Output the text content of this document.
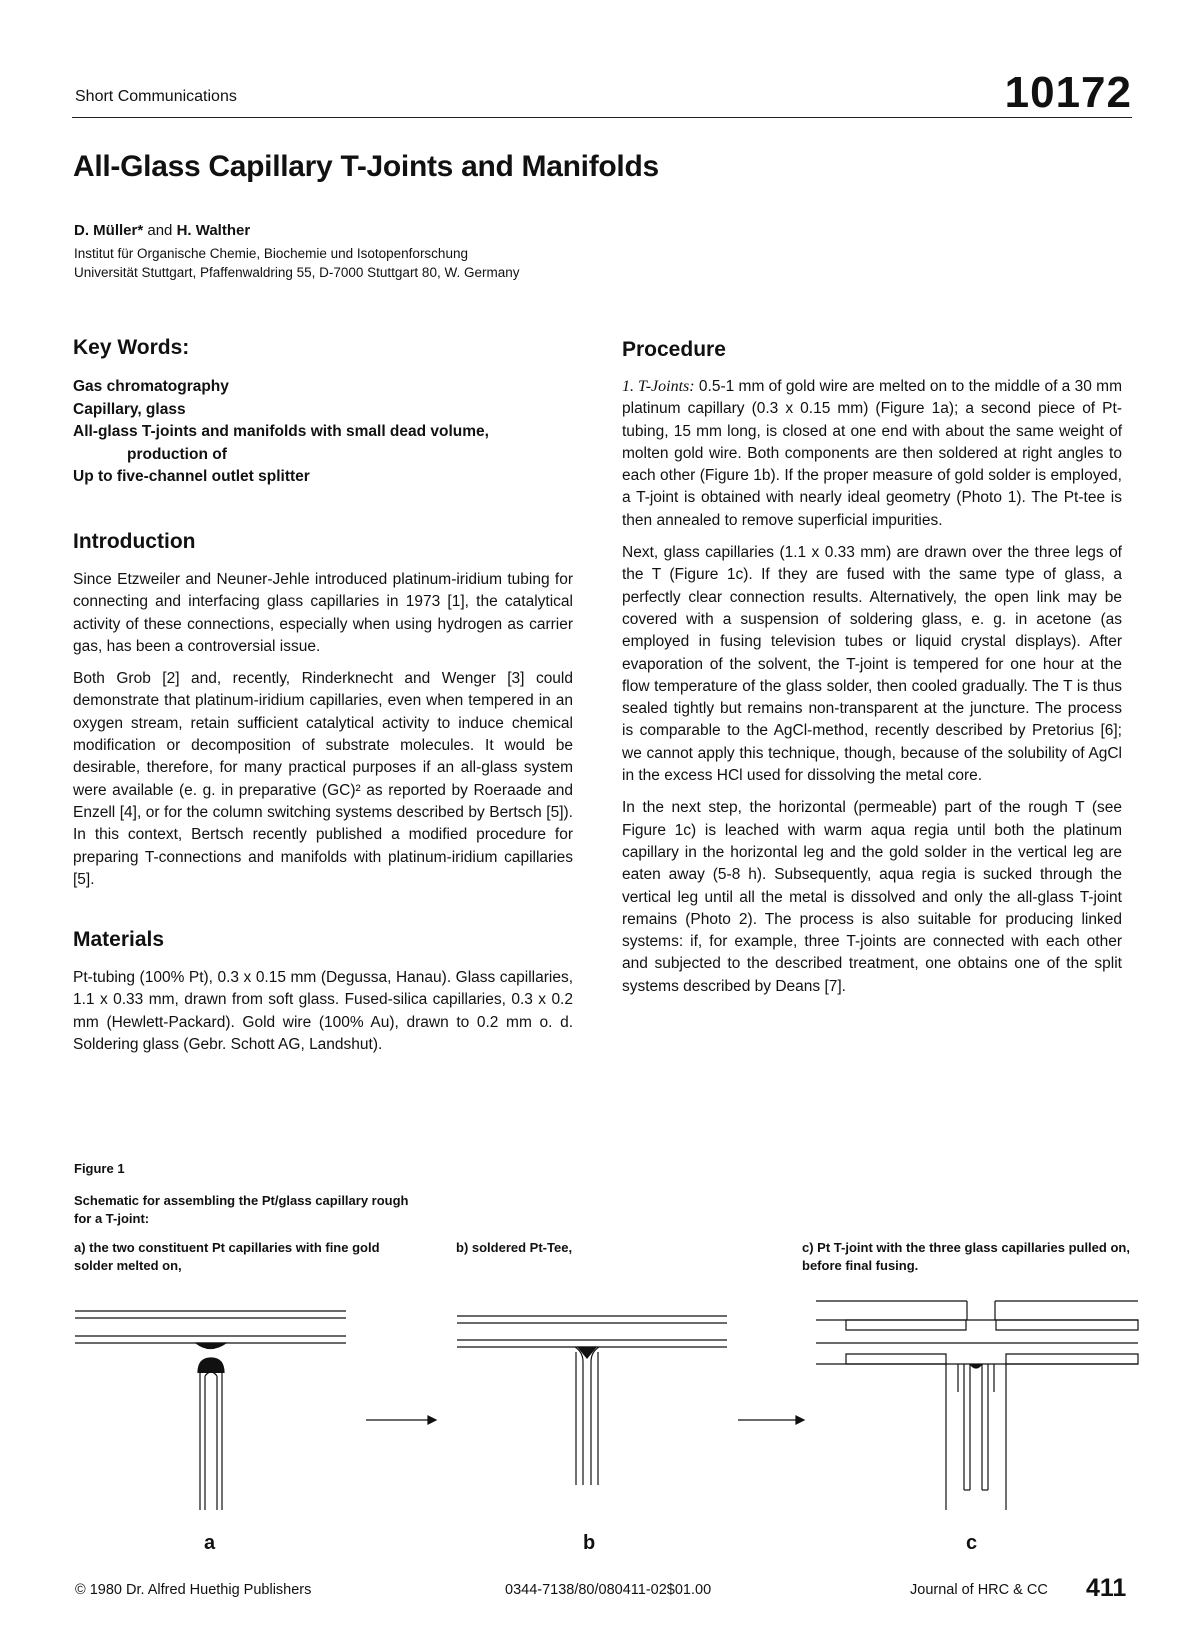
Short Communications	10172
All-Glass Capillary T-Joints and Manifolds
D. Müller* and H. Walther
Institut für Organische Chemie, Biochemie und Isotopenforschung
Universität Stuttgart, Pfaffenwaldring 55, D-7000 Stuttgart 80, W. Germany
Key Words:
Gas chromatography
Capillary, glass
All-glass T-joints and manifolds with small dead volume,
production of
Up to five-channel outlet splitter
Introduction

Since Etzweiler and Neuner-Jehle introduced platinum-iridium tubing for connecting and interfacing glass capillaries in 1973 [1], the catalytical activity of these connections, especially when using hydrogen as carrier gas, has been a controversial issue.

Both Grob [2] and, recently, Rinderknecht and Wenger [3] could demonstrate that platinum-iridium capillaries, even when tempered in an oxygen stream, retain sufficient catalytical activity to induce chemical modification or decomposition of substrate molecules. It would be desirable, therefore, for many practical purposes if an all-glass system were available (e. g. in preparative (GC)² as reported by Roeraade and Enzell [4], or for the column switching systems described by Bertsch [5]). In this context, Bertsch recently published a modified procedure for preparing T-connections and manifolds with platinum-iridium capillaries [5].

Materials

Pt-tubing (100% Pt), 0.3 x 0.15 mm (Degussa, Hanau). Glass capillaries, 1.1 x 0.33 mm, drawn from soft glass. Fused-silica capillaries, 0.3 x 0.2 mm (Hewlett-Packard). Gold wire (100% Au), drawn to 0.2 mm o. d. Soldering glass (Gebr. Schott AG, Landshut).

Procedure

1. T-Joints: 0.5-1 mm of gold wire are melted on to the middle of a 30 mm platinum capillary (0.3 x 0.15 mm) (Figure 1a); a second piece of Pt-tubing, 15 mm long, is closed at one end with about the same weight of molten gold wire. Both components are then soldered at right angles to each other (Figure 1b). If the proper measure of gold solder is employed, a T-joint is obtained with nearly ideal geometry (Photo 1). The Pt-tee is then annealed to remove superficial impurities.

Next, glass capillaries (1.1 x 0.33 mm) are drawn over the three legs of the T (Figure 1c). If they are fused with the same type of glass, a perfectly clear connection results. Alternatively, the open link may be covered with a suspension of soldering glass, e. g. in acetone (as employed in fusing television tubes or liquid crystal displays). After evaporation of the solvent, the T-joint is tempered for one hour at the flow temperature of the glass solder, then cooled gradually. The T is thus sealed tightly but remains non-transparent at the juncture. The process is comparable to the AgCl-method, recently described by Pretorius [6]; we cannot apply this technique, though, because of the solubility of AgCl in the excess HCl used for dissolving the metal core.

In the next step, the horizontal (permeable) part of the rough T (see Figure 1c) is leached with warm aqua regia until both the platinum capillary in the horizontal leg and the gold solder in the vertical leg are eaten away (5-8 h). Subsequently, aqua regia is sucked through the vertical leg until all the metal is dissolved and only the all-glass T-joint remains (Photo 2). The process is also suitable for producing linked systems: if, for example, three T-joints are connected with each other and subjected to the described treatment, one obtains one of the split systems described by Deans [7].

Figure 1
Schematic for assembling the Pt/glass capillary rough for a T-joint:
a) the two constituent Pt capillaries with fine gold solder melted on,
b) soldered Pt-Tee,	c) Pt T-joint with the three glass capillaries pulled on, before final fusing.
a	b	c
© 1980 Dr. Alfred Huethig Publishers	0344-7138/80/080411-02$01.00	Journal of HRC & CC 411
